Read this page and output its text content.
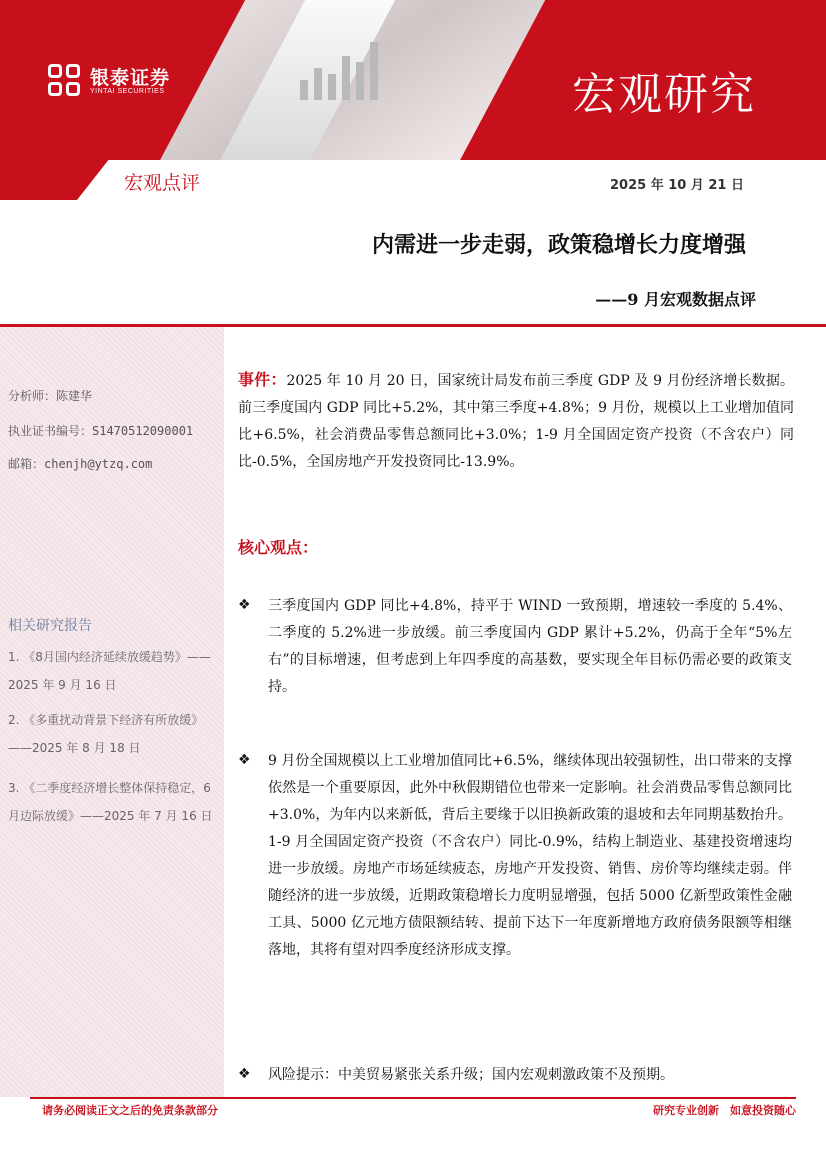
银泰证券
YINTAI SECURITIES	宏观研究
宏观点评	2025 年 10 月 21 日
内需进一步走弱，政策稳增长力度增强
——9 月宏观数据点评
分析师：陈建华
执业证书编号：S1470512090001
邮箱：chenjh@ytzq.com
相关研究报告
1. 《8月国内经济延续放缓趋势》——2025 年 9 月 16 日
2. 《多重扰动背景下经济有所放缓》——2025 年 8 月 18 日
3. 《二季度经济增长整体保持稳定，6 月边际放缓》——2025 年 7 月 16 日
事件：2025 年 10 月 20 日，国家统计局发布前三季度 GDP 及 9 月份经济增长数据。前三季度国内 GDP 同比+5.2%，其中第三季度+4.8%；9 月份，规模以上工业增加值同比+6.5%，社会消费品零售总额同比+3.0%；1-9 月全国固定资产投资（不含农户）同比-0.5%，全国房地产开发投资同比-13.9%。
核心观点：
❖	三季度国内 GDP 同比+4.8%，持平于 WIND 一致预期，增速较一季度的 5.4%、二季度的 5.2%进一步放缓。前三季度国内 GDP 累计+5.2%，仍高于全年“5%左右”的目标增速，但考虑到上年四季度的高基数，要实现全年目标仍需必要的政策支持。
❖	9 月份全国规模以上工业增加值同比+6.5%，继续体现出较强韧性，出口带来的支撑依然是一个重要原因，此外中秋假期错位也带来一定影响。社会消费品零售总额同比+3.0%，为年内以来新低，背后主要缘于以旧换新政策的退坡和去年同期基数抬升。1-9 月全国固定资产投资（不含农户）同比-0.9%，结构上制造业、基建投资增速均进一步放缓。房地产市场延续疲态，房地产开发投资、销售、房价等均继续走弱。伴随经济的进一步放缓，近期政策稳增长力度明显增强，包括 5000 亿新型政策性金融工具、5000 亿元地方债限额结转、提前下达下一年度新增地方政府债务限额等相继落地，其将有望对四季度经济形成支撑。
❖	风险提示：中美贸易紧张关系升级；国内宏观刺激政策不及预期。
请务必阅读正文之后的免责条款部分	研究专业创新　如意投资随心
